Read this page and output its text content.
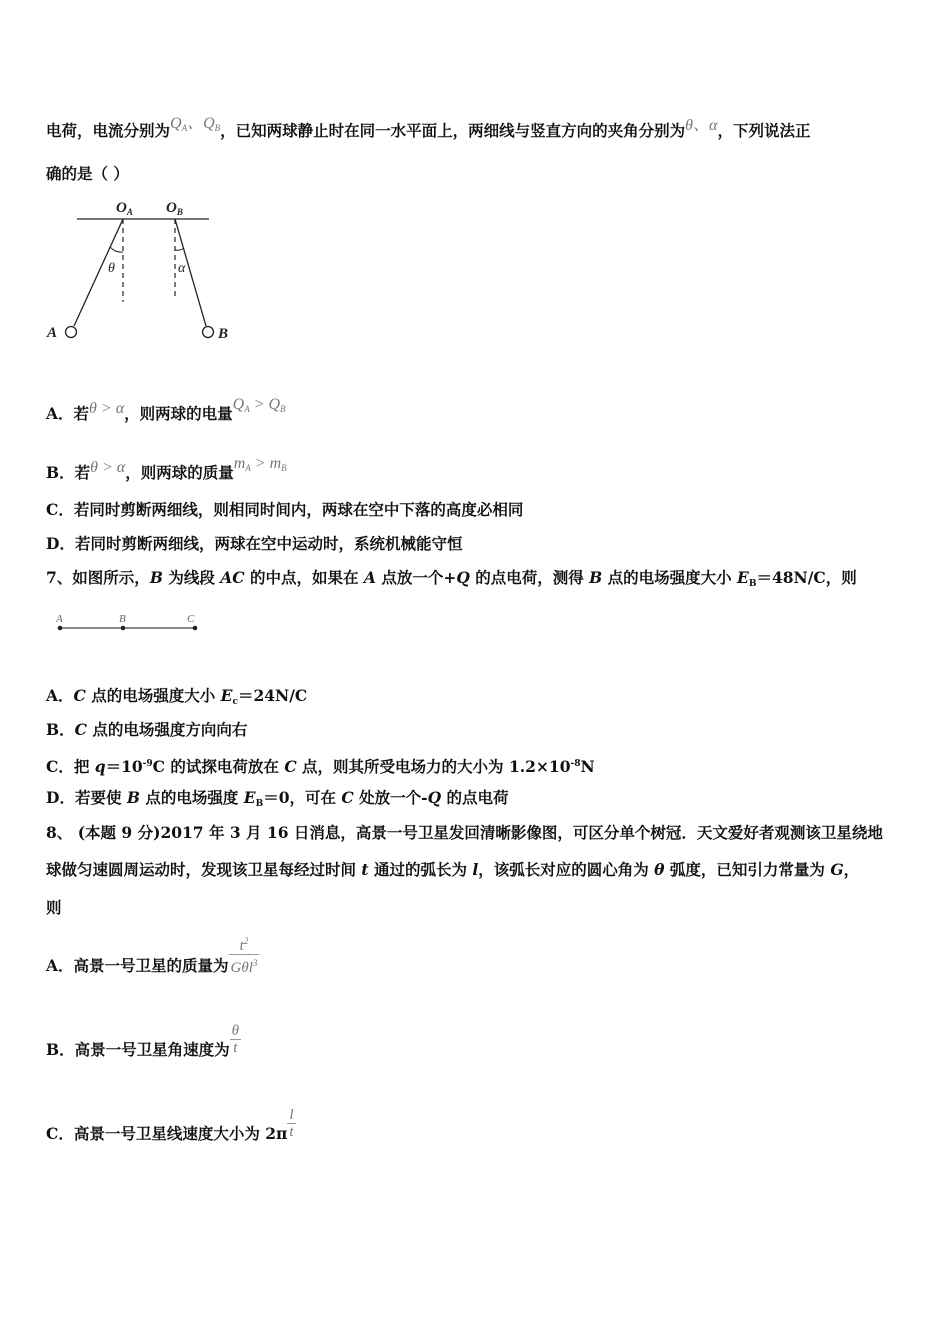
电荷，电流分别为$Q_A$、$Q_B$，已知两球静止时在同一水平面上，两细线与竖直方向的夹角分别为θ、α，下列说法正
确的是（ ）
$O_A$ $O_B$
θ	α
A	B
A．若θ > α，则两球的电量$Q_A > Q_B$
B．若θ > α，则两球的质量$m_A > m_B$
C．若同时剪断两细线，则相同时间内，两球在空中下落的高度必相同
D．若同时剪断两细线，两球在空中运动时，系统机械能守恒
7、如图所示，B 为线段 AC 的中点，如果在 A 点放一个+Q 的点电荷，测得 B 点的电场强度大小 $E_B=48N/C$，则
A	B	C
A．C 点的电场强度大小 $E_c=24N/C$
B．C 点的电场强度方向向右
C．把 $q=10^{-9}C$ 的试探电荷放在 C 点，则其所受电场力的大小为 $1.2\times 10^{-8}N$
D．若要使 B 点的电场强度 $E_B=0$，可在 C 处放一个-Q 的点电荷
8、 (本题 9 分)2017 年 3 月 16 日消息，高景一号卫星发回清晰影像图，可区分单个树冠．天文爱好者观测该卫星绕地
球做匀速圆周运动时，发现该卫星每经过时间 t 通过的弧长为 l，该弧长对应的圆心角为 θ 弧度，已知引力常量为 G，
则
A．高景一号卫星的质量为 $\frac{t^2}{G\theta l^3}$
B．高景一号卫星角速度为 $\frac{\theta}{t}$
C．高景一号卫星线速度大小为 $2\pi \frac{l}{t}$
